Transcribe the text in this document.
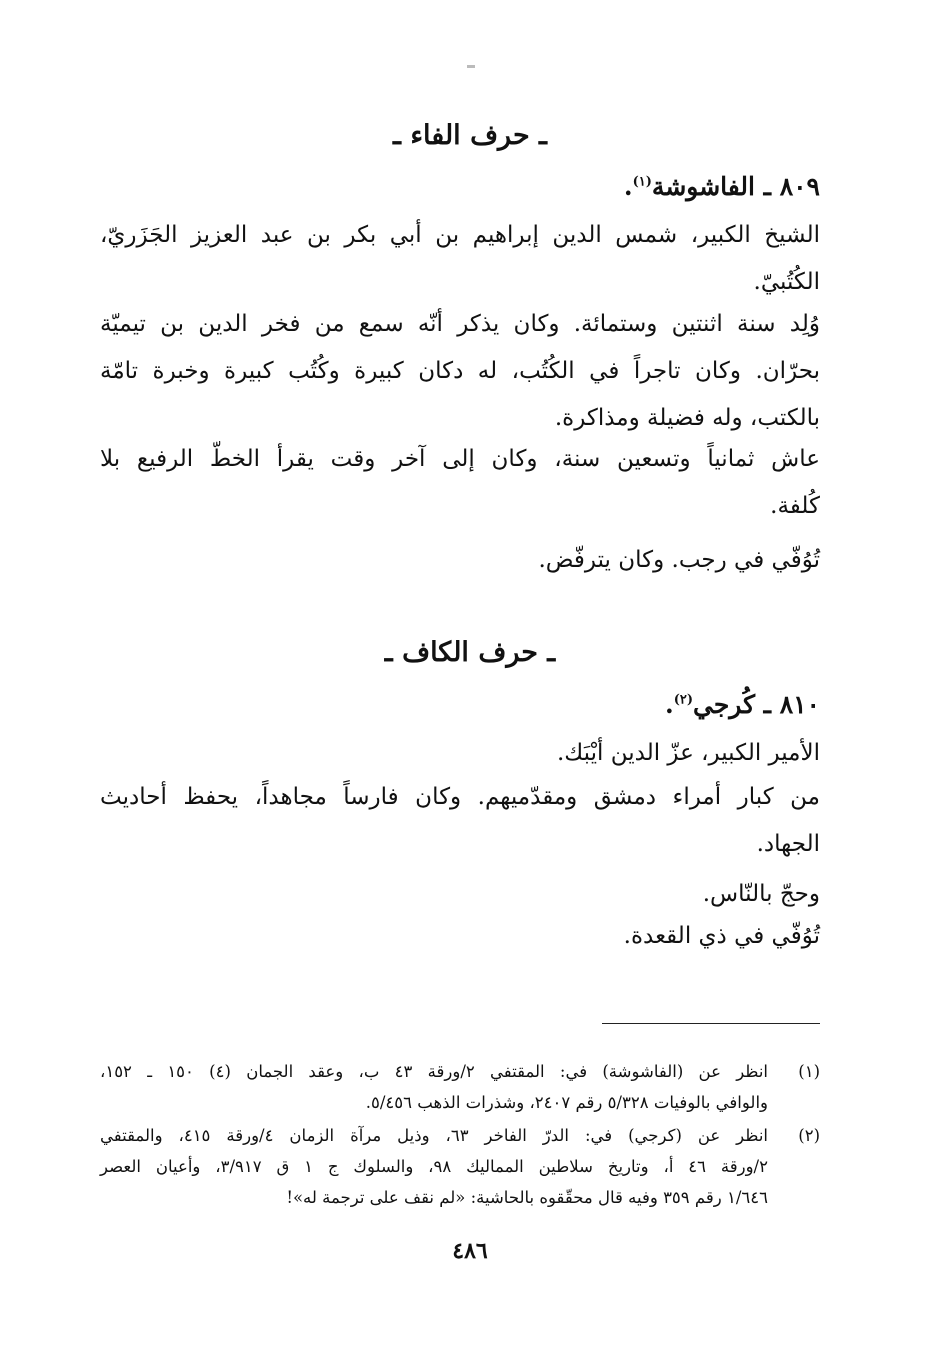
ـ حرف الفاء ـ
٨٠٩ ـ الفاشوشة$^{(١)}$.
الشيخ الكبير، شمس الدين إبراهيم بن أبي بكر بن عبد العزيز الجَزَريّ،
الكُتُبيّ.
وُلِد سنة اثنتين وستمائة. وكان يذكر أنّه سمع من فخر الدين بن تيميّة
بحرّان. وكان تاجراً في الكُتُب، له دكان كبيرة وكُتُب كبيرة وخبرة تامّة
بالكتب، وله فضيلة ومذاكرة.
عاش ثمانياً وتسعين سنة، وكان إلى آخر وقت يقرأ الخطّ الرفيع بلا
كُلفة.
تُوُفّي في رجب. وكان يترفّض.
ـ حرف الكاف ـ
٨١٠ ـ كُرجي$^{(٢)}$.
الأمير الكبير، عزّ الدين أيْبَك.
من كبار أمراء دمشق ومقدّميهم. وكان فارساً مجاهداً، يحفظ أحاديث
الجهاد.
وحجّ بالنّاس.
تُوُفّي في ذي القعدة.
(١)
انظر عن (الفاشوشة) في: المقتفي ٢/ورقة ٤٣ ب، وعقد الجمان (٤) ١٥٠ ـ ١٥٢،
والوافي بالوفيات ٥/٣٢٨ رقم ٢٤٠٧، وشذرات الذهب ٥/٤٥٦.
(٢)
انظر عن (كرجي) في: الدرّ الفاخر ٦٣، وذيل مرآة الزمان ٤/ورقة ٤١٥، والمقتفي
٢/ورقة ٤٦ أ، وتاريخ سلاطين المماليك ٩٨، والسلوك ج ١ ق ٣/٩١٧، وأعيان العصر
١/٦٤٦ رقم ٣٥٩ وفيه قال محقّقوه بالحاشية: «لم نقف على ترجمة له»!
٤٨٦
